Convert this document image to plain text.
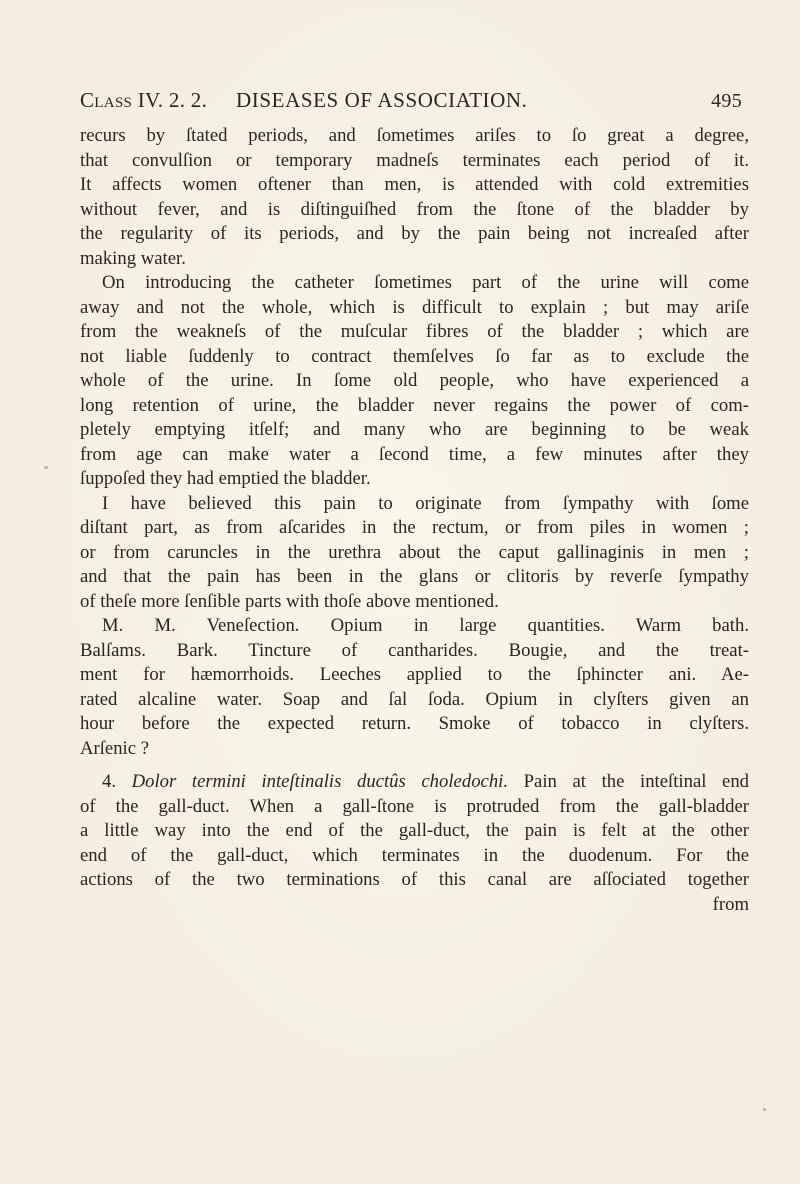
Class IV. 2. 2. DISEASES OF ASSOCIATION.	495
recurs by ſtated periods, and ſometimes ariſes to ſo great a degree,
that convulſion or temporary madneſs terminates each period of it.
It affects women oftener than men, is attended with cold extremities
without fever, and is diſtinguiſhed from the ſtone of the bladder by
the regularity of its periods, and by the pain being not increaſed after
making water.
On introducing the catheter ſometimes part of the urine will come
away and not the whole, which is difficult to explain ; but may ariſe
from the weakneſs of the muſcular fibres of the bladder ; which are
not liable ſuddenly to contract themſelves ſo far as to exclude the
whole of the urine. In ſome old people, who have experienced a
long retention of urine, the bladder never regains the power of com-
pletely emptying itſelf; and many who are beginning to be weak
from age can make water a ſecond time, a few minutes after they
ſuppoſed they had emptied the bladder.
I have believed this pain to originate from ſympathy with ſome
diſtant part, as from aſcarides in the rectum, or from piles in women ;
or from caruncles in the urethra about the caput gallinaginis in men ;
and that the pain has been in the glans or clitoris by reverſe ſympathy
of theſe more ſenſible parts with thoſe above mentioned.
M. M. Veneſection. Opium in large quantities. Warm bath.
Balſams. Bark. Tincture of cantharides. Bougie, and the treat-
ment for hæmorrhoids. Leeches applied to the ſphincter ani. Ae-
rated alcaline water. Soap and ſal ſoda. Opium in clyſters given an
hour before the expected return. Smoke of tobacco in clyſters.
Arſenic ?
4. Dolor termini inteſtinalis ductûs choledochi. Pain at the inteſtinal end
of the gall-duct. When a gall-ſtone is protruded from the gall-bladder
a little way into the end of the gall-duct, the pain is felt at the other
end of the gall-duct, which terminates in the duodenum. For the
actions of the two terminations of this canal are aſſociated together
from
